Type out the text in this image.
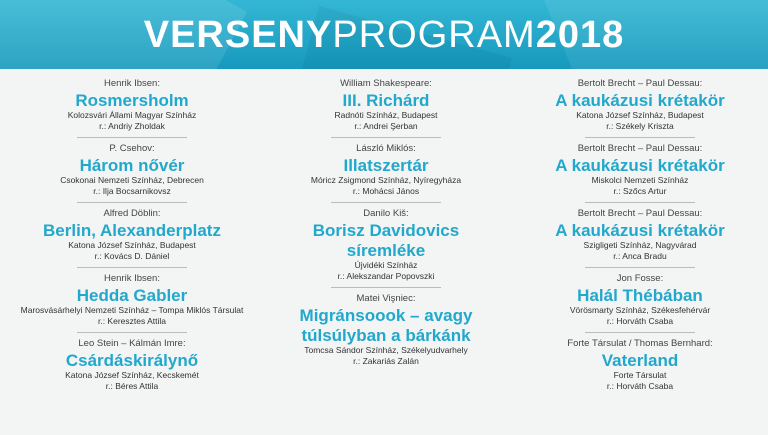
VERSENYPROGRAM2018
Henrik Ibsen:
Rosmersholm
Kolozsvári Állami Magyar Színház
r.: Andriy Zholdak
P. Csehov:
Három nővér
Csokonai Nemzeti Színház, Debrecen
r.: Ilja Bocsarnikovsz
Alfred Döblin:
Berlin, Alexanderplatz
Katona József Színház, Budapest
r.: Kovács D. Dániel
Henrik Ibsen:
Hedda Gabler
Marosvásárhelyi Nemzeti Színház – Tompa Miklós Társulat
r.: Keresztes Attila
Leo Stein – Kálmán Imre:
Csárdáskirálynő
Katona József Színház, Kecskemét
r.: Béres Attila
William Shakespeare:
III. Richárd
Radnóti Színház, Budapest
r.: Andrei Şerban
László Miklós:
Illatszertár
Móricz Zsigmond Színház, Nyíregyháza
r.: Mohácsi János
Danilo Kiš:
Borisz Davidovics
síremléke
Újvidéki Színház
r.: Alekszandar Popovszki
Matei Vişniec:
Migránsoook – avagy
túlsúlyban a bárkánk
Tomcsa Sándor Színház, Székelyudvarhely
r.: Zakariás Zalán
Bertolt Brecht – Paul Dessau:
A kaukázusi krétakör
Katona József Színház, Budapest
r.: Székely Kriszta
Bertolt Brecht – Paul Dessau:
A kaukázusi krétakör
Miskolci Nemzeti Színház
r.: Szőcs Artur
Bertolt Brecht – Paul Dessau:
A kaukázusi krétakör
Szigligeti Színház, Nagyvárad
r.: Anca Bradu
Jon Fosse:
Halál Thébában
Vörösmarty Színház, Székesfehérvár
r.: Horváth Csaba
Forte Társulat / Thomas Bernhard:
Vaterland
Forte Társulat
r.: Horváth Csaba
